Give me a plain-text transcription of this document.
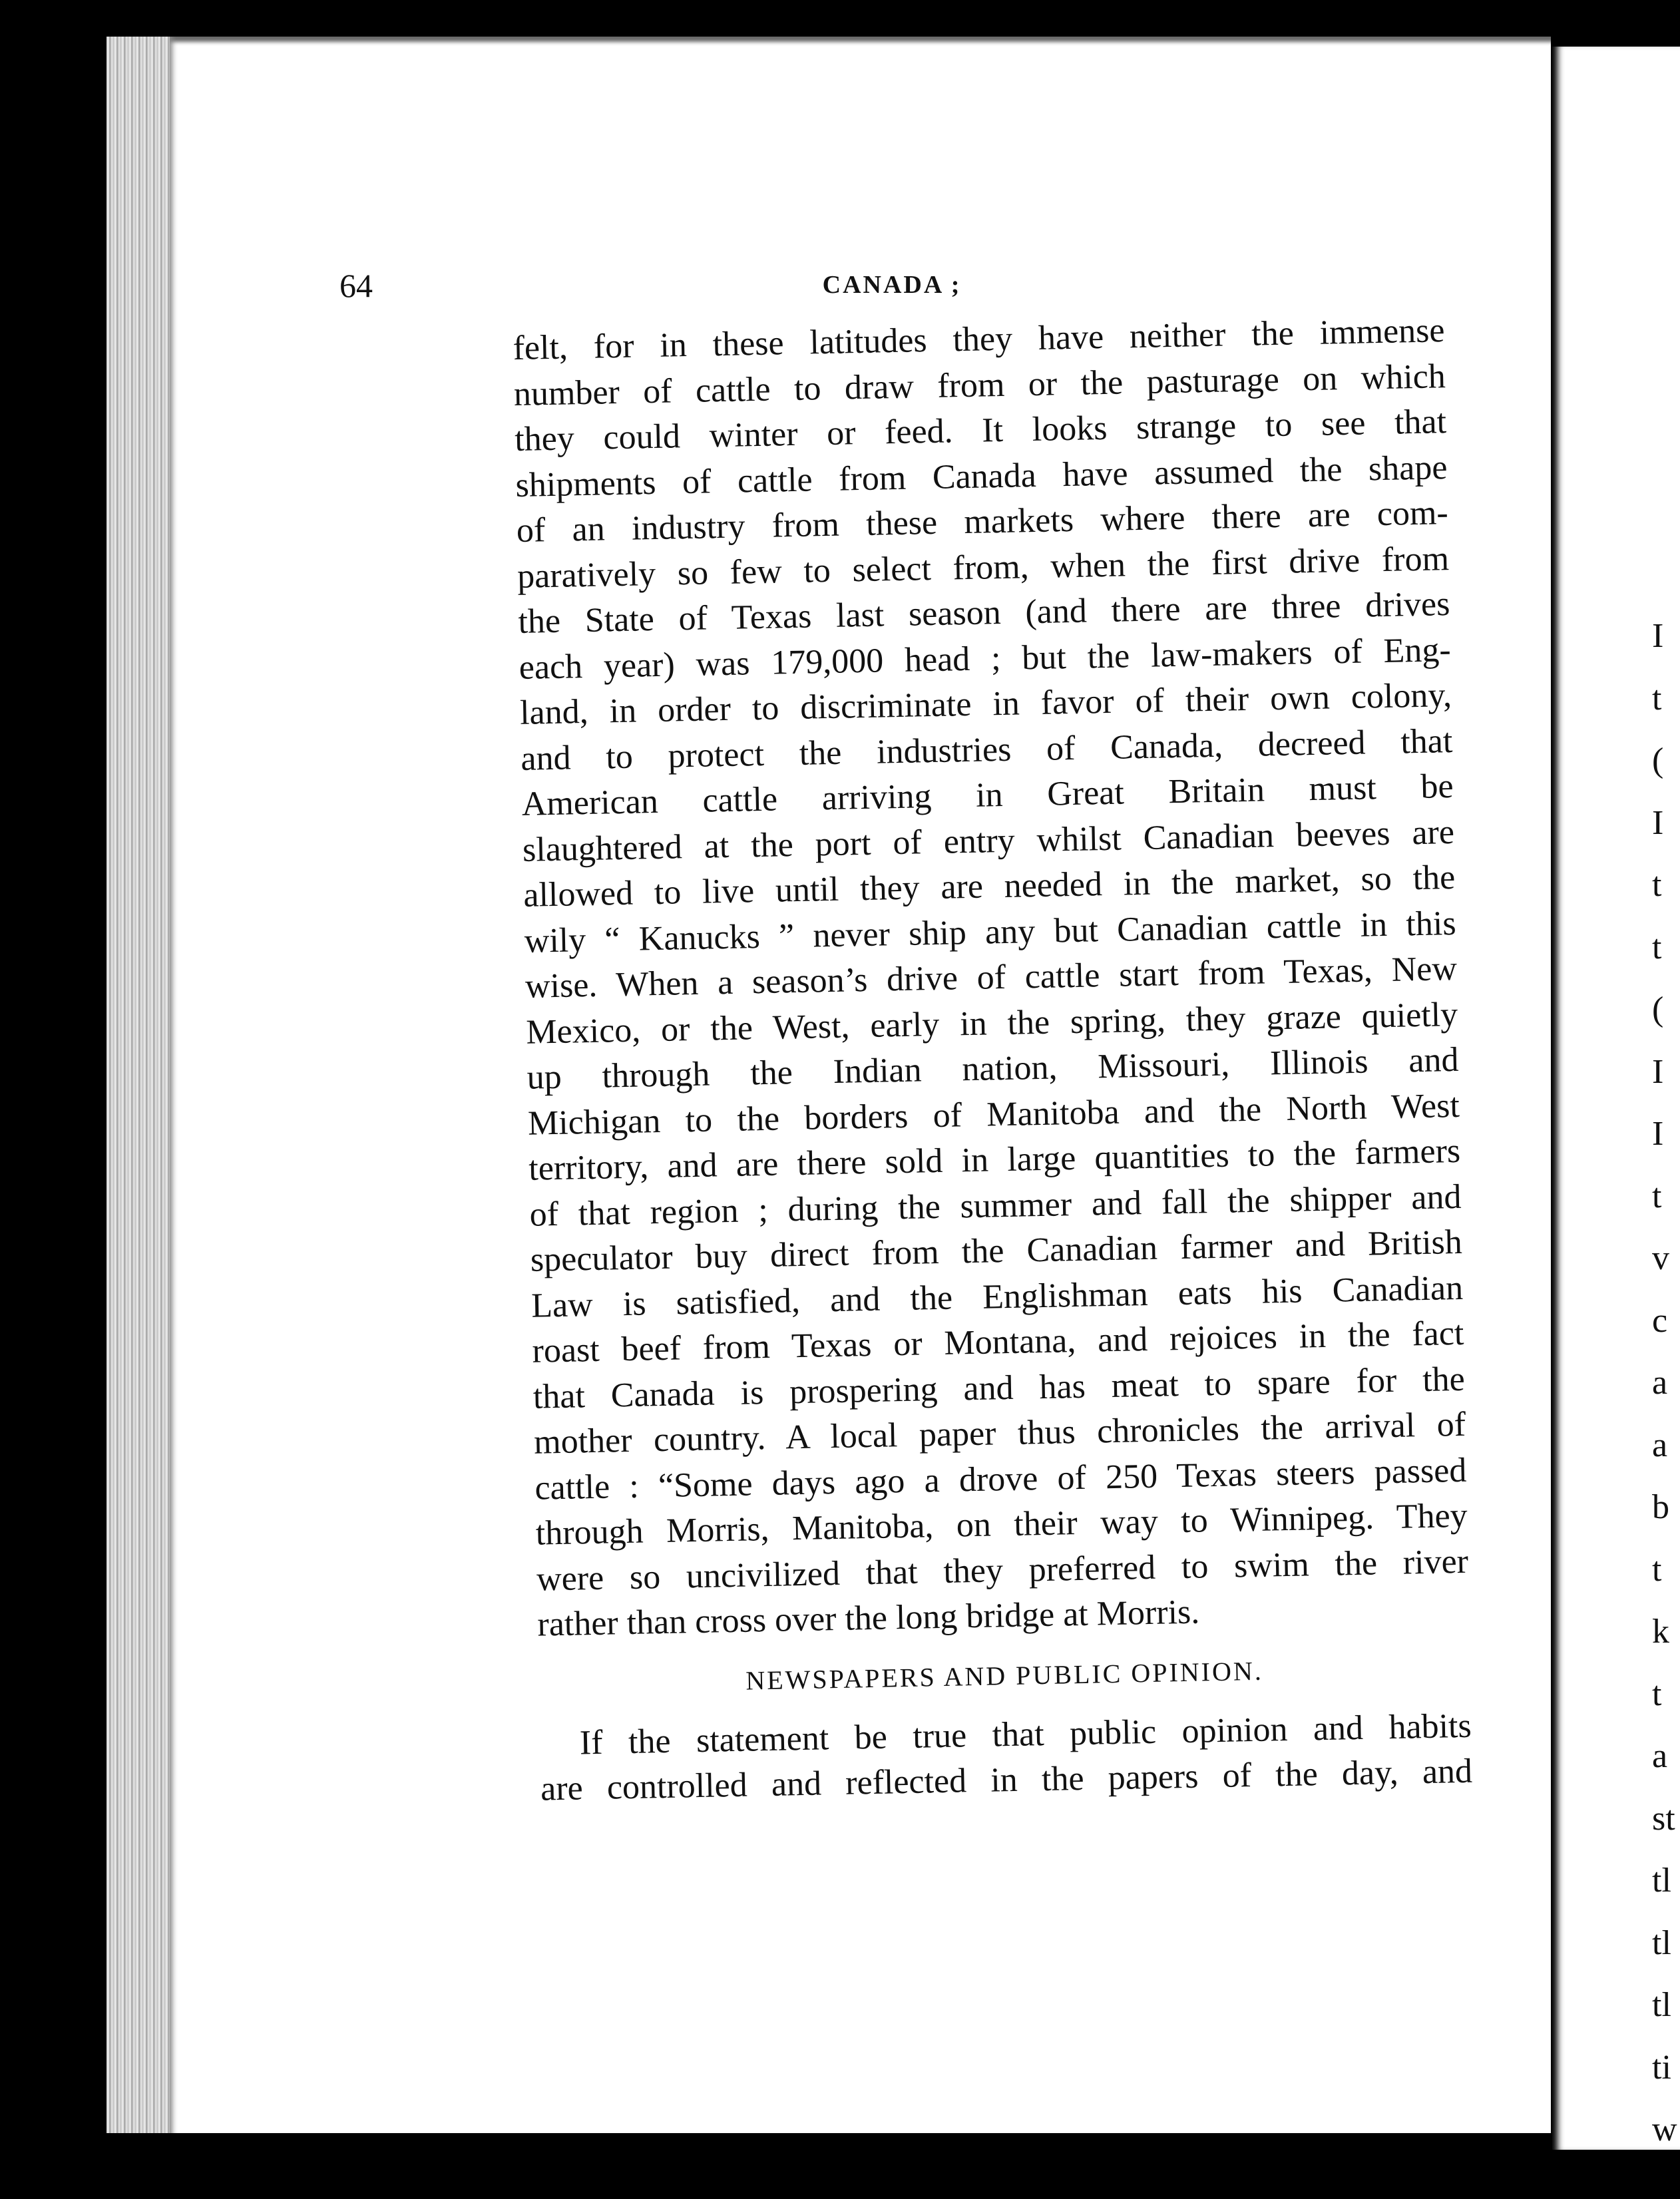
64	CANADA ;
felt, for in these latitudes they have neither the immense
number of cattle to draw from or the pasturage on which
they could winter or feed. It looks strange to see that
shipments of cattle from Canada have assumed the shape
of an industry from these markets where there are com-
paratively so few to select from, when the first drive from
the State of Texas last season (and there are three drives
each year) was 179,000 head ; but the law-makers of Eng-
land, in order to discriminate in favor of their own colony,
and to protect the industries of Canada, decreed that
American cattle arriving in Great Britain must be
slaughtered at the port of entry whilst Canadian beeves are
allowed to live until they are needed in the market, so the
wily “ Kanucks ” never ship any but Canadian cattle in this
wise. When a season’s drive of cattle start from Texas, New
Mexico, or the West, early in the spring, they graze quietly
up through the Indian nation, Missouri, Illinois and
Michigan to the borders of Manitoba and the North West
territory, and are there sold in large quantities to the farmers
of that region ; during the summer and fall the shipper and
speculator buy direct from the Canadian farmer and British
Law is satisfied, and the Englishman eats his Canadian
roast beef from Texas or Montana, and rejoices in the fact
that Canada is prospering and has meat to spare for the
mother country. A local paper thus chronicles the arrival of
cattle : “Some days ago a drove of 250 Texas steers passed
through Morris, Manitoba, on their way to Winnipeg. They
were so uncivilized that they preferred to swim the river
rather than cross over the long bridge at Morris.
NEWSPAPERS AND PUBLIC OPINION.
If the statement be true that public opinion and habits
are controlled and reflected in the papers of the day, and
I
t
(
I
t
t
(
I
I
t
v
c
a
a
b
t
k
t
a
st
tl
tl
tl
ti
w
